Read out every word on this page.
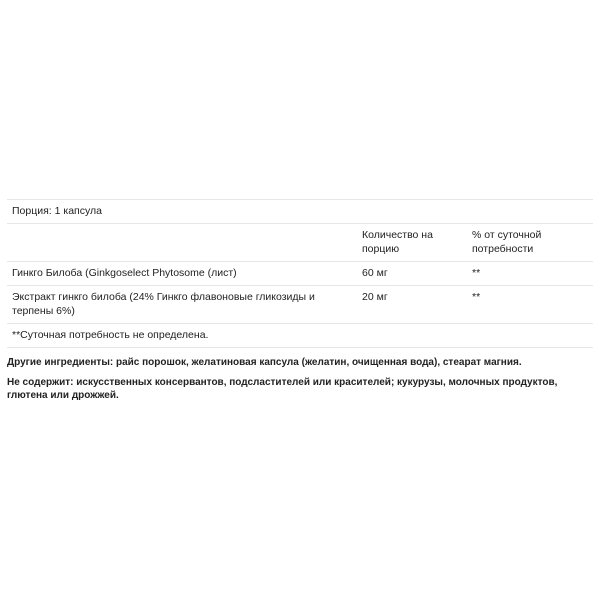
Порция: 1 капсула		
	Количество на порцию	% от суточной потребности
Гинкго Билоба (Ginkgoselect Phytosome (лист)	60 мг	**
Экстракт гинкго билоба (24% Гинкго флавоновые гликозиды и терпены 6%)	20 мг	**
**Суточная потребность не определена.		

Другие ингредиенты: райс порошок, желатиновая капсула (желатин, очищенная вода), стеарат магния.

Не содержит: искусственных консервантов, подсластителей или красителей; кукурузы, молочных продуктов, глютена или дрожжей.
